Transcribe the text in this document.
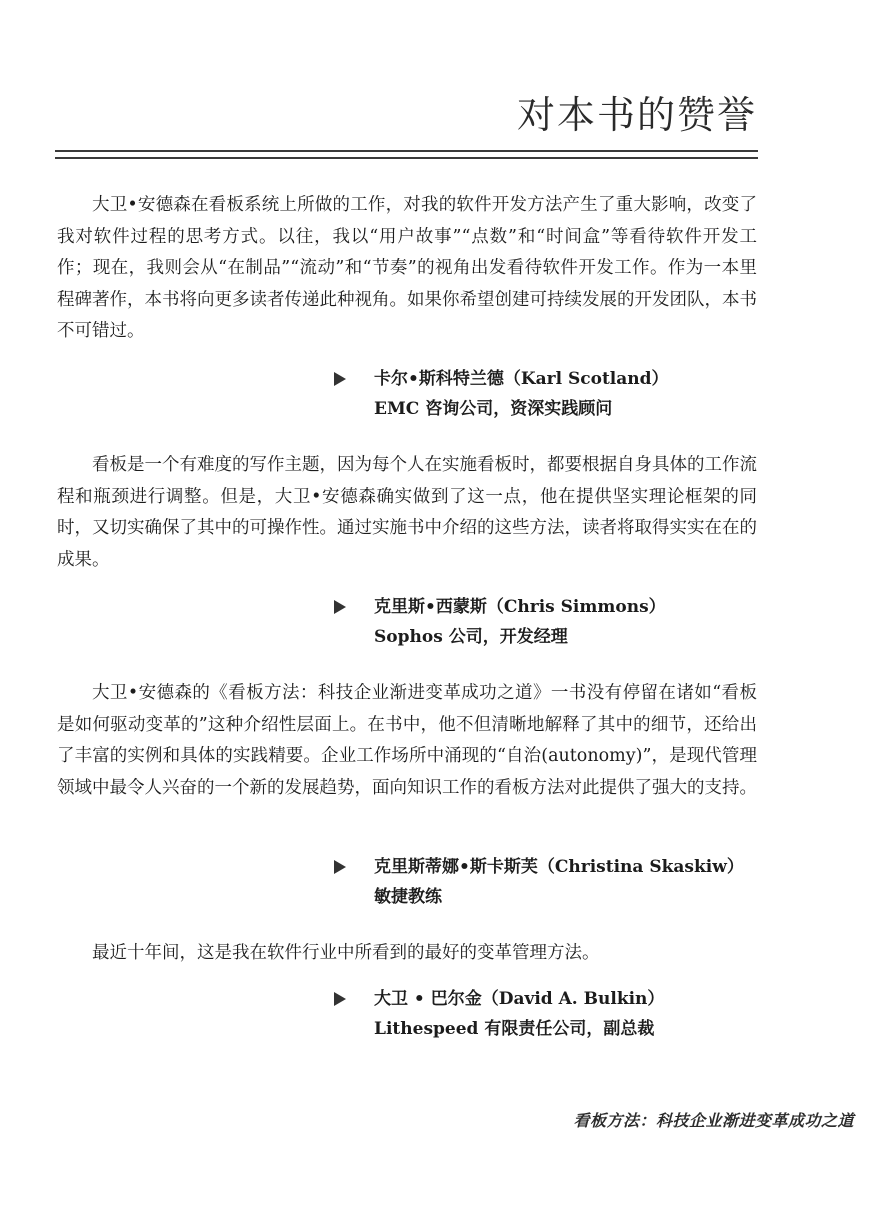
对本书的赞誉

大卫•安德森在看板系统上所做的工作，对我的软件开发方法产生了重大影响，改变了我对软件过程的思考方式。以往，我以“用户故事”“点数”和“时间盒”等看待软件开发工作；现在，我则会从“在制品”“流动”和“节奏”的视角出发看待软件开发工作。作为一本里程碑著作，本书将向更多读者传递此种视角。如果你希望创建可持续发展的开发团队，本书不可错过。

卡尔•斯科特兰德（Karl Scotland）
EMC 咨询公司，资深实践顾问

看板是一个有难度的写作主题，因为每个人在实施看板时，都要根据自身具体的工作流程和瓶颈进行调整。但是，大卫•安德森确实做到了这一点，他在提供坚实理论框架的同时，又切实确保了其中的可操作性。通过实施书中介绍的这些方法，读者将取得实实在在的成果。

克里斯•西蒙斯（Chris Simmons）
Sophos 公司，开发经理

大卫•安德森的《看板方法：科技企业渐进变革成功之道》一书没有停留在诸如“看板是如何驱动变革的”这种介绍性层面上。在书中，他不但清晰地解释了其中的细节，还给出了丰富的实例和具体的实践精要。企业工作场所中涌现的“自治(autonomy)”，是现代管理领域中最令人兴奋的一个新的发展趋势，面向知识工作的看板方法对此提供了强大的支持。

克里斯蒂娜•斯卡斯芙（Christina Skaskiw）
敏捷教练

最近十年间，这是我在软件行业中所看到的最好的变革管理方法。

大卫 • 巴尔金（David A. Bulkin）
Lithespeed 有限责任公司，副总裁
看板方法：科技企业渐进变革成功之道
